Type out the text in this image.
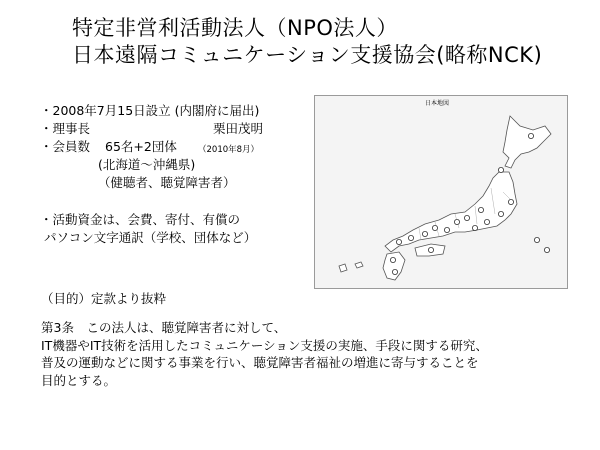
特定非営利活動法人（NPO法人）
日本遠隔コミュニケーション支援協会(略称NCK)
・2008年7月15日設立 (内閣府に届出)
・理事長	栗田茂明
・会員数 65名+2団体 （2010年8月）
(北海道～沖縄県)
（健聴者、聴覚障害者）
・活動資金は、会費、寄付、有償の
パソコン文字通訳（学校、団体など）
日本地図
（目的）定款より抜粋
第3条　この法人は、聴覚障害者に対して、
IT機器やIT技術を活用したコミュニケーション支援の実施、手段に関する研究、
普及の運動などに関する事業を行い、聴覚障害者福祉の増進に寄与することを
目的とする。
